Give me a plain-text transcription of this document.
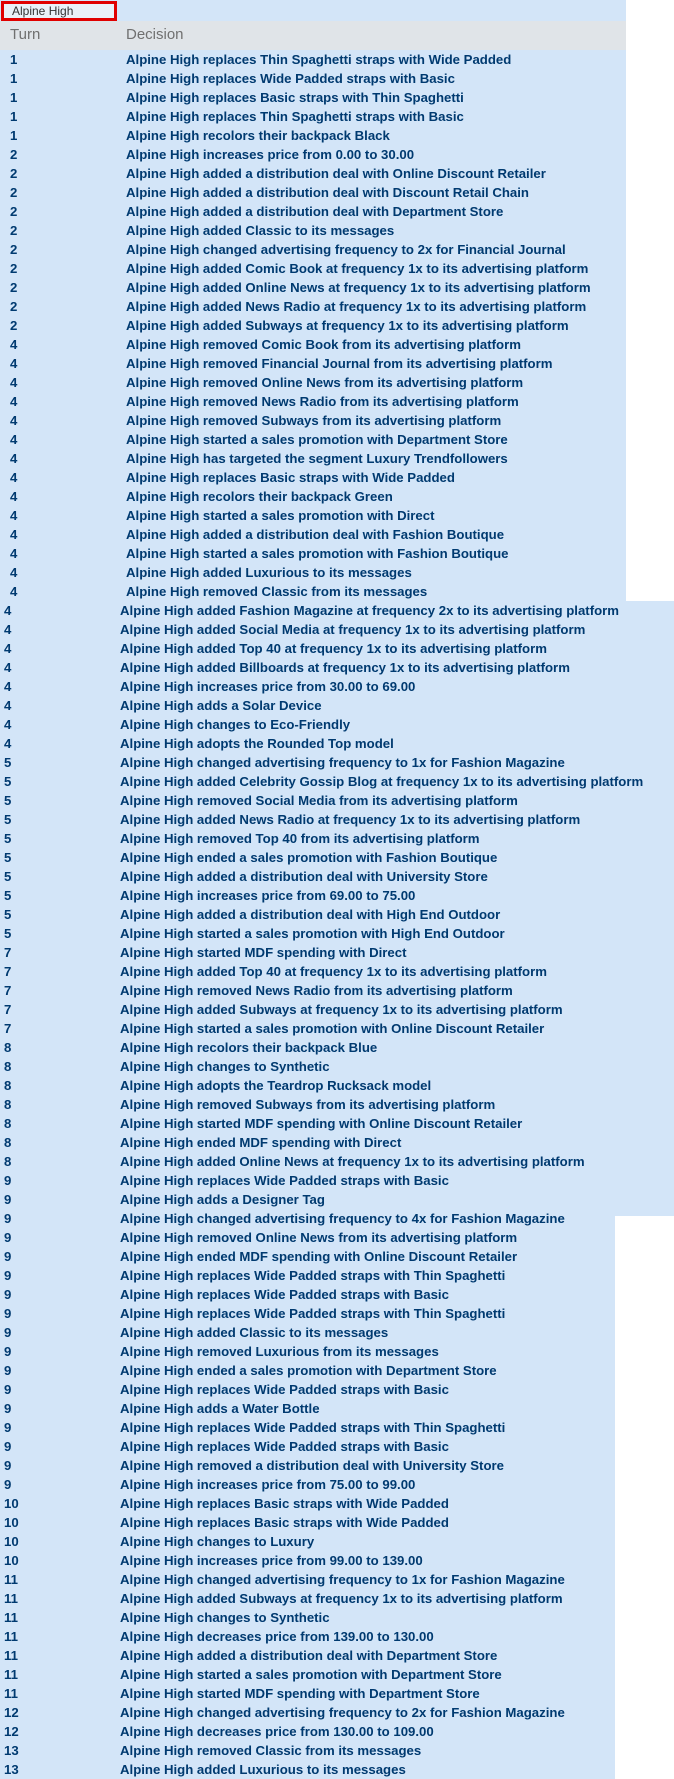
Alpine High
Turn	Decision
1	Alpine High replaces Thin Spaghetti straps with Wide Padded
1	Alpine High replaces Wide Padded straps with Basic
1	Alpine High replaces Basic straps with Thin Spaghetti
1	Alpine High replaces Thin Spaghetti straps with Basic
1	Alpine High recolors their backpack Black
2	Alpine High increases price from 0.00 to 30.00
2	Alpine High added a distribution deal with Online Discount Retailer
2	Alpine High added a distribution deal with Discount Retail Chain
2	Alpine High added a distribution deal with Department Store
2	Alpine High added Classic to its messages
2	Alpine High changed advertising frequency to 2x for Financial Journal
2	Alpine High added Comic Book at frequency 1x to its advertising platform
2	Alpine High added Online News at frequency 1x to its advertising platform
2	Alpine High added News Radio at frequency 1x to its advertising platform
2	Alpine High added Subways at frequency 1x to its advertising platform
4	Alpine High removed Comic Book from its advertising platform
4	Alpine High removed Financial Journal from its advertising platform
4	Alpine High removed Online News from its advertising platform
4	Alpine High removed News Radio from its advertising platform
4	Alpine High removed Subways from its advertising platform
4	Alpine High started a sales promotion with Department Store
4	Alpine High has targeted the segment Luxury Trendfollowers
4	Alpine High replaces Basic straps with Wide Padded
4	Alpine High recolors their backpack Green
4	Alpine High started a sales promotion with Direct
4	Alpine High added a distribution deal with Fashion Boutique
4	Alpine High started a sales promotion with Fashion Boutique
4	Alpine High added Luxurious to its messages
4	Alpine High removed Classic from its messages
4	Alpine High added Fashion Magazine at frequency 2x to its advertising platform
4	Alpine High added Social Media at frequency 1x to its advertising platform
4	Alpine High added Top 40 at frequency 1x to its advertising platform
4	Alpine High added Billboards at frequency 1x to its advertising platform
4	Alpine High increases price from 30.00 to 69.00
4	Alpine High adds a Solar Device
4	Alpine High changes to Eco-Friendly
4	Alpine High adopts the Rounded Top model
5	Alpine High changed advertising frequency to 1x for Fashion Magazine
5	Alpine High added Celebrity Gossip Blog at frequency 1x to its advertising platform
5	Alpine High removed Social Media from its advertising platform
5	Alpine High added News Radio at frequency 1x to its advertising platform
5	Alpine High removed Top 40 from its advertising platform
5	Alpine High ended a sales promotion with Fashion Boutique
5	Alpine High added a distribution deal with University Store
5	Alpine High increases price from 69.00 to 75.00
5	Alpine High added a distribution deal with High End Outdoor
5	Alpine High started a sales promotion with High End Outdoor
7	Alpine High started MDF spending with Direct
7	Alpine High added Top 40 at frequency 1x to its advertising platform
7	Alpine High removed News Radio from its advertising platform
7	Alpine High added Subways at frequency 1x to its advertising platform
7	Alpine High started a sales promotion with Online Discount Retailer
8	Alpine High recolors their backpack Blue
8	Alpine High changes to Synthetic
8	Alpine High adopts the Teardrop Rucksack model
8	Alpine High removed Subways from its advertising platform
8	Alpine High started MDF spending with Online Discount Retailer
8	Alpine High ended MDF spending with Direct
8	Alpine High added Online News at frequency 1x to its advertising platform
9	Alpine High replaces Wide Padded straps with Basic
9	Alpine High adds a Designer Tag
9	Alpine High changed advertising frequency to 4x for Fashion Magazine
9	Alpine High removed Online News from its advertising platform
9	Alpine High ended MDF spending with Online Discount Retailer
9	Alpine High replaces Wide Padded straps with Thin Spaghetti
9	Alpine High replaces Wide Padded straps with Basic
9	Alpine High replaces Wide Padded straps with Thin Spaghetti
9	Alpine High added Classic to its messages
9	Alpine High removed Luxurious from its messages
9	Alpine High ended a sales promotion with Department Store
9	Alpine High replaces Wide Padded straps with Basic
9	Alpine High adds a Water Bottle
9	Alpine High replaces Wide Padded straps with Thin Spaghetti
9	Alpine High replaces Wide Padded straps with Basic
9	Alpine High removed a distribution deal with University Store
9	Alpine High increases price from 75.00 to 99.00
10	Alpine High replaces Basic straps with Wide Padded
10	Alpine High replaces Basic straps with Wide Padded
10	Alpine High changes to Luxury
10	Alpine High increases price from 99.00 to 139.00
11	Alpine High changed advertising frequency to 1x for Fashion Magazine
11	Alpine High added Subways at frequency 1x to its advertising platform
11	Alpine High changes to Synthetic
11	Alpine High decreases price from 139.00 to 130.00
11	Alpine High added a distribution deal with Department Store
11	Alpine High started a sales promotion with Department Store
11	Alpine High started MDF spending with Department Store
12	Alpine High changed advertising frequency to 2x for Fashion Magazine
12	Alpine High decreases price from 130.00 to 109.00
13	Alpine High removed Classic from its messages
13	Alpine High added Luxurious to its messages
